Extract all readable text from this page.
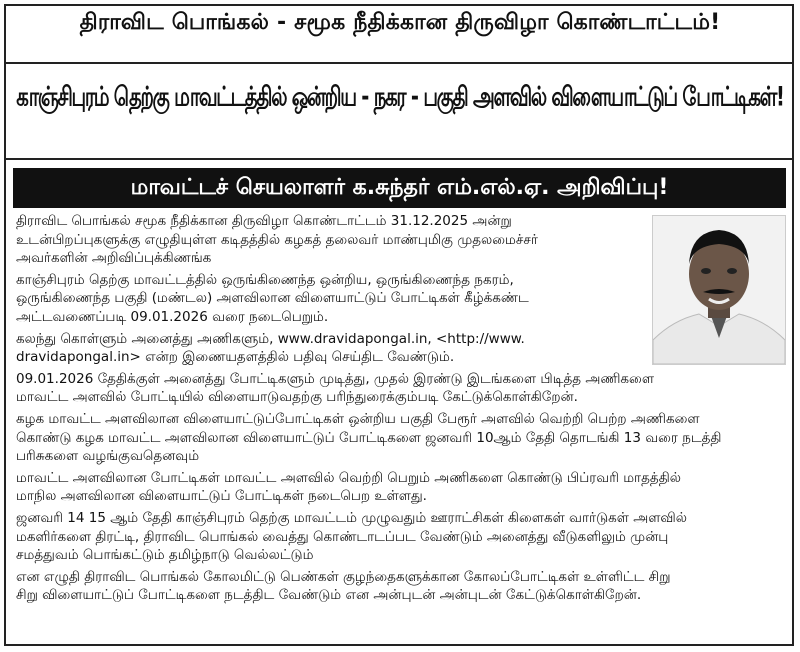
திராவிட பொங்கல் - சமூக நீதிக்கான திருவிழா கொண்டாட்டம்!
காஞ்சிபுரம் தெற்கு மாவட்டத்தில் ஒன்றிய - நகர - பகுதி அளவில் விளையாட்டுப் போட்டிகள்!
மாவட்டச் செயலாளர் க.சுந்தர் எம்.எல்.ஏ. அறிவிப்பு!

திராவிட பொங்கல் சமூக நீதிக்கான திருவிழா கொண்டாட்டம் 31.12.2025 அன்று
உடன்பிறப்புகளுக்கு எழுதியுள்ள கடிதத்தில் கழகத் தலைவர் மாண்புமிகு முதலமைச்சர்
அவர்களின் அறிவிப்புக்கிணங்க

காஞ்சிபுரம் தெற்கு மாவட்டத்தில் ஒருங்கிணைந்த ஒன்றிய, ஒருங்கிணைந்த நகரம்,
ஒருங்கிணைந்த பகுதி (மண்டல) அளவிலான விளையாட்டுப் போட்டிகள் கீழ்க்கண்ட
அட்டவணைப்படி 09.01.2026 வரை நடைபெறும்.

கலந்து கொள்ளும் அனைத்து அணிகளும், www.dravidapongal.in, <http://www.
dravidapongal.in> என்ற இணையதளத்தில் பதிவு செய்திட வேண்டும்.

09.01.2026 தேதிக்குள் அனைத்து போட்டிகளும் முடித்து, முதல் இரண்டு இடங்களை பிடித்த அணிகளை
மாவட்ட அளவில் போட்டியில் விளையாடுவதற்கு பரிந்துரைக்கும்படி கேட்டுக்கொள்கிறேன்.

கழக மாவட்ட அளவிலான விளையாட்டுப்போட்டிகள் ஒன்றிய பகுதி பேரூர் அளவில் வெற்றி பெற்ற அணிகளை
கொண்டு கழக மாவட்ட அளவிலான விளையாட்டுப் போட்டிகளை ஜனவரி 10ஆம் தேதி தொடங்கி 13 வரை நடத்தி
பரிசுகளை வழங்குவதெனவும்

மாவட்ட அளவிலான போட்டிகள் மாவட்ட அளவில் வெற்றி பெறும் அணிகளை கொண்டு பிப்ரவரி மாதத்தில்
மாநில அளவிலான விளையாட்டுப் போட்டிகள் நடைபெற உள்ளது.

ஜனவரி 14 15 ஆம் தேதி காஞ்சிபுரம் தெற்கு மாவட்டம் முழுவதும் ஊராட்சிகள் கிளைகள் வார்டுகள் அளவில்
மகளிர்களை திரட்டி, திராவிட பொங்கல் வைத்து கொண்டாடப்பட வேண்டும் அனைத்து வீடுகளிலும் முன்பு
சமத்துவம் பொங்கட்டும் தமிழ்நாடு வெல்லட்டும்

என எழுதி திராவிட பொங்கல் கோலமிட்டு பெண்கள் குழந்தைகளுக்கான கோலப்போட்டிகள் உள்ளிட்ட சிறு
சிறு விளையாட்டுப் போட்டிகளை நடத்திட வேண்டும் என அன்புடன் அன்புடன் கேட்டுக்கொள்கிறேன்.
